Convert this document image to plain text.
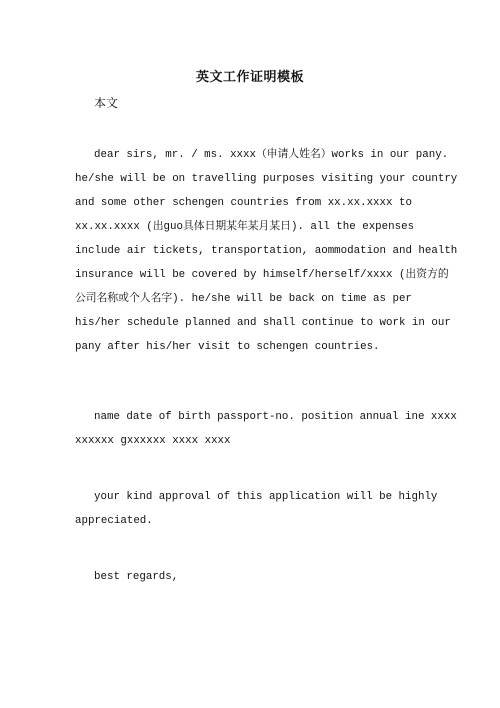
英文工作证明模板
本文
dear sirs, mr. / ms. xxxx（申请人姓名）works in our pany.
he/she will be on travelling purposes visiting your country
and some other schengen countries from xx.xx.xxxx to
xx.xx.xxxx (出guo具体日期某年某月某日). all the expenses
include air tickets, transportation, aommodation and health
insurance will be covered by himself/herself/xxxx (出资方的
公司名称或个人名字). he/she will be back on time as per
his/her schedule planned and shall continue to work in our
pany after his/her visit to schengen countries.
name date of birth passport-no. position annual ine xxxx
xxxxxx gxxxxxx xxxx xxxx
your kind approval of this application will be highly
appreciated.
best regards,
